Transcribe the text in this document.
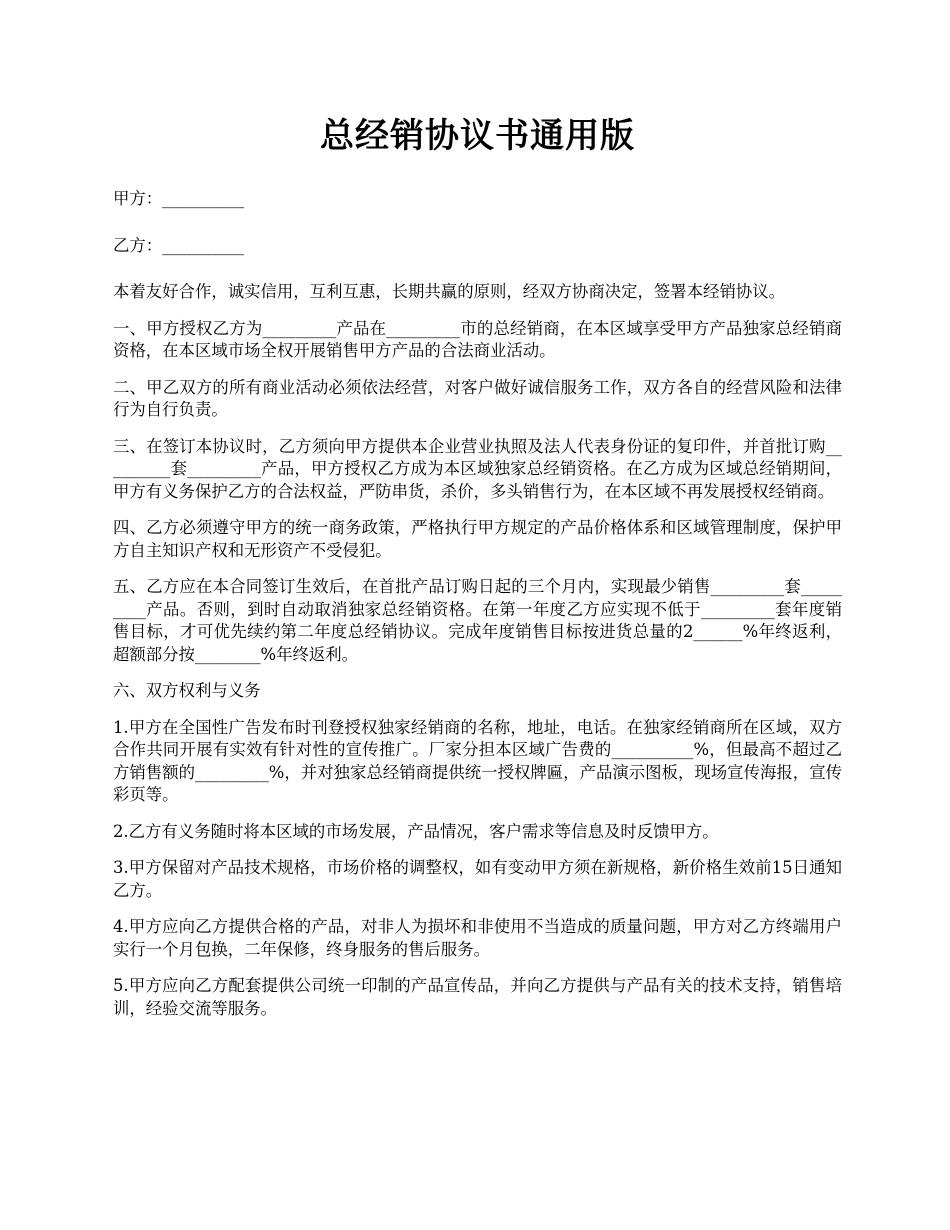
总经销协议书通用版

甲方：__________

乙方：__________

本着友好合作，诚实信用，互利互惠，长期共赢的原则，经双方协商决定，签署本经销协议。

一、甲方授权乙方为_________产品在_________市的总经销商，在本区域享受甲方产品独家总经销商资格，在本区域市场全权开展销售甲方产品的合法商业活动。

二、甲乙双方的所有商业活动必须依法经营，对客户做好诚信服务工作，双方各自的经营风险和法律行为自行负责。

三、在签订本协议时，乙方须向甲方提供本企业营业执照及法人代表身份证的复印件，并首批订购_________套_________产品，甲方授权乙方成为本区域独家总经销资格。在乙方成为区域总经销期间，甲方有义务保护乙方的合法权益，严防串货，杀价，多头销售行为，在本区域不再发展授权经销商。

四、乙方必须遵守甲方的统一商务政策，严格执行甲方规定的产品价格体系和区域管理制度，保护甲方自主知识产权和无形资产不受侵犯。

五、乙方应在本合同签订生效后，在首批产品订购日起的三个月内，实现最少销售_________套_________产品。否则，到时自动取消独家总经销资格。在第一年度乙方应实现不低于_________套年度销售目标，才可优先续约第二年度总经销协议。完成年度销售目标按进货总量的2______%年终返利，超额部分按________%年终返利。

六、双方权利与义务

1.甲方在全国性广告发布时刊登授权独家经销商的名称，地址，电话。在独家经销商所在区域，双方合作共同开展有实效有针对性的宣传推广。厂家分担本区域广告费的__________%，但最高不超过乙方销售额的_________%，并对独家总经销商提供统一授权牌匾，产品演示图板，现场宣传海报，宣传彩页等。

2.乙方有义务随时将本区域的市场发展，产品情况，客户需求等信息及时反馈甲方。

3.甲方保留对产品技术规格，市场价格的调整权，如有变动甲方须在新规格，新价格生效前15日通知乙方。

4.甲方应向乙方提供合格的产品，对非人为损坏和非使用不当造成的质量问题，甲方对乙方终端用户实行一个月包换，二年保修，终身服务的售后服务。

5.甲方应向乙方配套提供公司统一印制的产品宣传品，并向乙方提供与产品有关的技术支持，销售培训，经验交流等服务。
